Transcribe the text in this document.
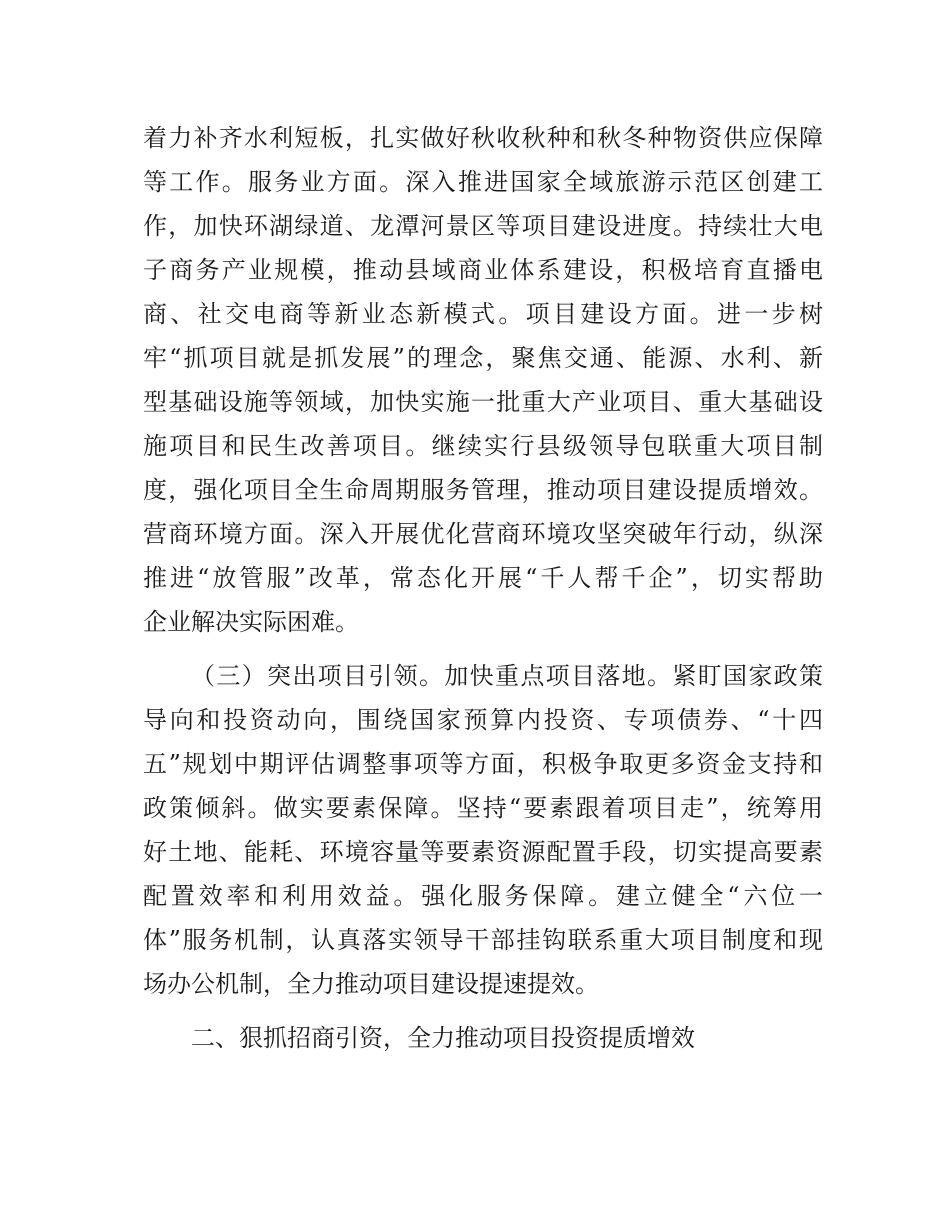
着力补齐水利短板，扎实做好秋收秋种和秋冬种物资供应保障
等工作。服务业方面。深入推进国家全域旅游示范区创建工
作，加快环湖绿道、龙潭河景区等项目建设进度。持续壮大电
子商务产业规模，推动县域商业体系建设，积极培育直播电
商、社交电商等新业态新模式。项目建设方面。进一步树
牢“抓项目就是抓发展”的理念，聚焦交通、能源、水利、新
型基础设施等领域，加快实施一批重大产业项目、重大基础设
施项目和民生改善项目。继续实行县级领导包联重大项目制
度，强化项目全生命周期服务管理，推动项目建设提质增效。
营商环境方面。深入开展优化营商环境攻坚突破年行动，纵深
推进“放管服”改革，常态化开展“千人帮千企”，切实帮助
企业解决实际困难。
（三）突出项目引领。加快重点项目落地。紧盯国家政策
导向和投资动向，围绕国家预算内投资、专项债券、“十四
五”规划中期评估调整事项等方面，积极争取更多资金支持和
政策倾斜。做实要素保障。坚持“要素跟着项目走”，统筹用
好土地、能耗、环境容量等要素资源配置手段，切实提高要素
配置效率和利用效益。强化服务保障。建立健全“六位一
体”服务机制，认真落实领导干部挂钩联系重大项目制度和现
场办公机制，全力推动项目建设提速提效。
二、狠抓招商引资，全力推动项目投资提质增效
